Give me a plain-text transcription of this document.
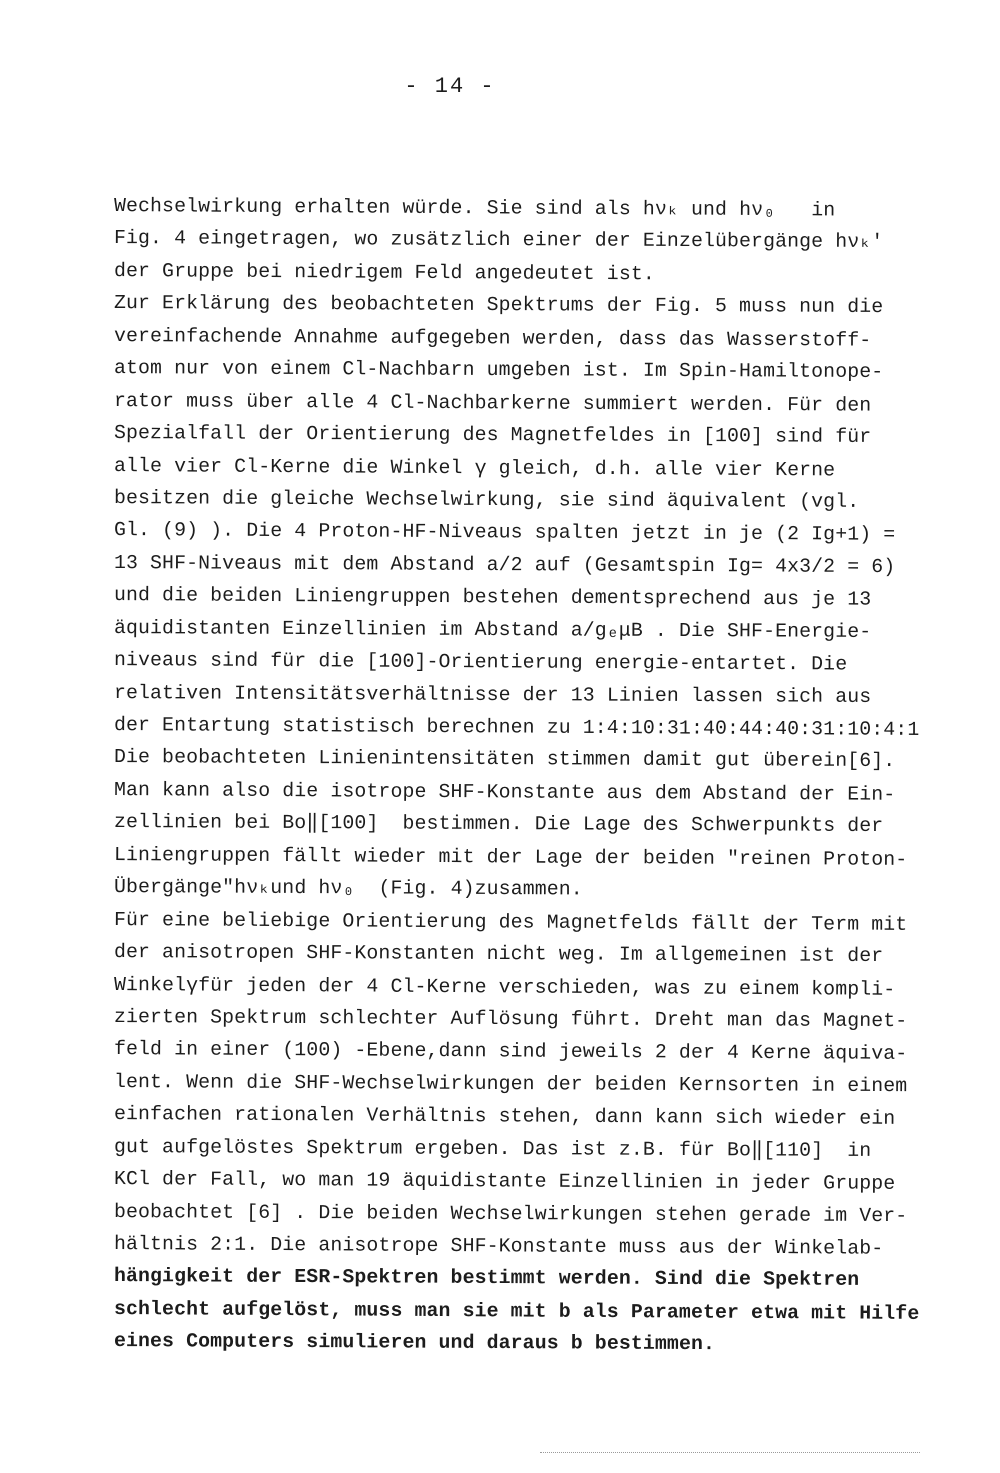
- 14 -
Wechselwirkung erhalten würde. Sie sind als hνₖ und hν₀   in
Fig. 4 eingetragen, wo zusätzlich einer der Einzelübergänge hνₖ'
der Gruppe bei niedrigem Feld angedeutet ist.
Zur Erklärung des beobachteten Spektrums der Fig. 5 muss nun die
vereinfachende Annahme aufgegeben werden, dass das Wasserstoff-
atom nur von einem Cl-Nachbarn umgeben ist. Im Spin-Hamiltonope-
rator muss über alle 4 Cl-Nachbarkerne summiert werden. Für den
Spezialfall der Orientierung des Magnetfeldes in [100] sind für
alle vier Cl-Kerne die Winkel γ gleich, d.h. alle vier Kerne
besitzen die gleiche Wechselwirkung, sie sind äquivalent (vgl.
Gl. (9) ). Die 4 Proton-HF-Niveaus spalten jetzt in je (2 Ig+1) =
13 SHF-Niveaus mit dem Abstand a/2 auf (Gesamtspin Ig= 4x3/2 = 6)
und die beiden Liniengruppen bestehen dementsprechend aus je 13
äquidistanten Einzellinien im Abstand a/gₑμB . Die SHF-Energie-
niveaus sind für die [100]-Orientierung energie-entartet. Die
relativen Intensitätsverhältnisse der 13 Linien lassen sich aus
der Entartung statistisch berechnen zu 1:4:10:31:40:44:40:31:10:4:1
Die beobachteten Linienintensitäten stimmen damit gut überein[6].
Man kann also die isotrope SHF-Konstante aus dem Abstand der Ein-
zellinien bei Bo‖[100]  bestimmen. Die Lage des Schwerpunkts der
Liniengruppen fällt wieder mit der Lage der beiden "reinen Proton-
Übergänge"hνₖund hν₀  (Fig. 4)zusammen.
Für eine beliebige Orientierung des Magnetfelds fällt der Term mit
der anisotropen SHF-Konstanten nicht weg. Im allgemeinen ist der
Winkelγfür jeden der 4 Cl-Kerne verschieden, was zu einem kompli-
zierten Spektrum schlechter Auflösung führt. Dreht man das Magnet-
feld in einer (100) -Ebene,dann sind jeweils 2 der 4 Kerne äquiva-
lent. Wenn die SHF-Wechselwirkungen der beiden Kernsorten in einem
einfachen rationalen Verhältnis stehen, dann kann sich wieder ein
gut aufgelöstes Spektrum ergeben. Das ist z.B. für Bo‖[110]  in
KCl der Fall, wo man 19 äquidistante Einzellinien in jeder Gruppe
beobachtet [6] . Die beiden Wechselwirkungen stehen gerade im Ver-
hältnis 2:1. Die anisotrope SHF-Konstante muss aus der Winkelab-
hängigkeit der ESR-Spektren bestimmt werden. Sind die Spektren
schlecht aufgelöst, muss man sie mit b als Parameter etwa mit Hilfe
eines Computers simulieren und daraus b bestimmen.
